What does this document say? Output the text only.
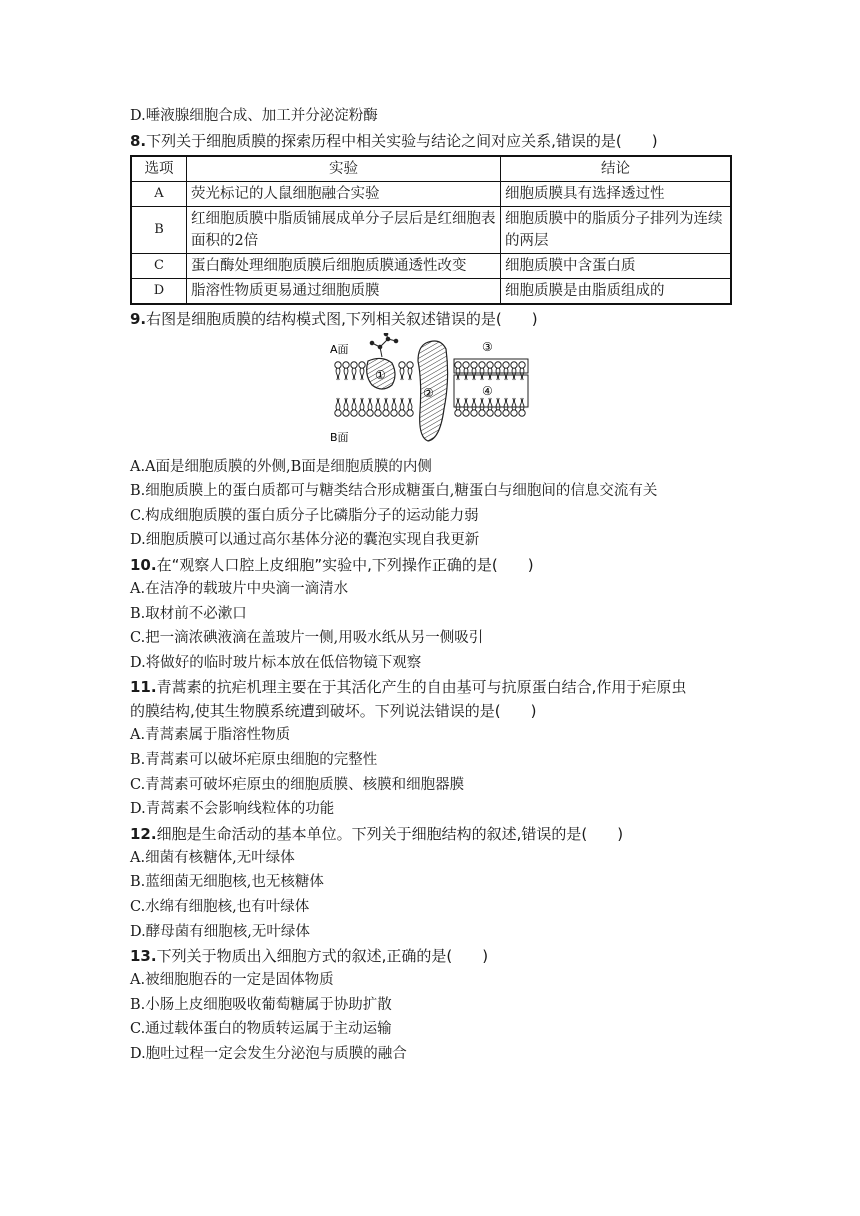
D.唾液腺细胞合成、加工并分泌淀粉酶
8.下列关于细胞质膜的探索历程中相关实验与结论之间对应关系,错误的是(　　)
选项	实验	结论
A	荧光标记的人鼠细胞融合实验	细胞质膜具有选择透过性
B	红细胞质膜中脂质铺展成单分子层后是红细胞表面积的2倍	细胞质膜中的脂质分子排列为连续的两层
C	蛋白酶处理细胞质膜后细胞质膜通透性改变	细胞质膜中含蛋白质
D	脂溶性物质更易通过细胞质膜	细胞质膜是由脂质组成的
9.右图是细胞质膜的结构模式图,下列相关叙述错误的是(　　)
A面
B面
①
②
③
④
A.A面是细胞质膜的外侧,B面是细胞质膜的内侧
B.细胞质膜上的蛋白质都可与糖类结合形成糖蛋白,糖蛋白与细胞间的信息交流有关
C.构成细胞质膜的蛋白质分子比磷脂分子的运动能力弱
D.细胞质膜可以通过高尔基体分泌的囊泡实现自我更新
10.在“观察人口腔上皮细胞”实验中,下列操作正确的是(　　)
A.在洁净的载玻片中央滴一滴清水
B.取材前不必漱口
C.把一滴浓碘液滴在盖玻片一侧,用吸水纸从另一侧吸引
D.将做好的临时玻片标本放在低倍物镜下观察
11.青蒿素的抗疟机理主要在于其活化产生的自由基可与抗原蛋白结合,作用于疟原虫
的膜结构,使其生物膜系统遭到破坏。下列说法错误的是(　　)
A.青蒿素属于脂溶性物质
B.青蒿素可以破坏疟原虫细胞的完整性
C.青蒿素可破坏疟原虫的细胞质膜、核膜和细胞器膜
D.青蒿素不会影响线粒体的功能
12.细胞是生命活动的基本单位。下列关于细胞结构的叙述,错误的是(　　)
A.细菌有核糖体,无叶绿体
B.蓝细菌无细胞核,也无核糖体
C.水绵有细胞核,也有叶绿体
D.酵母菌有细胞核,无叶绿体
13.下列关于物质出入细胞方式的叙述,正确的是(　　)
A.被细胞胞吞的一定是固体物质
B.小肠上皮细胞吸收葡萄糖属于协助扩散
C.通过载体蛋白的物质转运属于主动运输
D.胞吐过程一定会发生分泌泡与质膜的融合
